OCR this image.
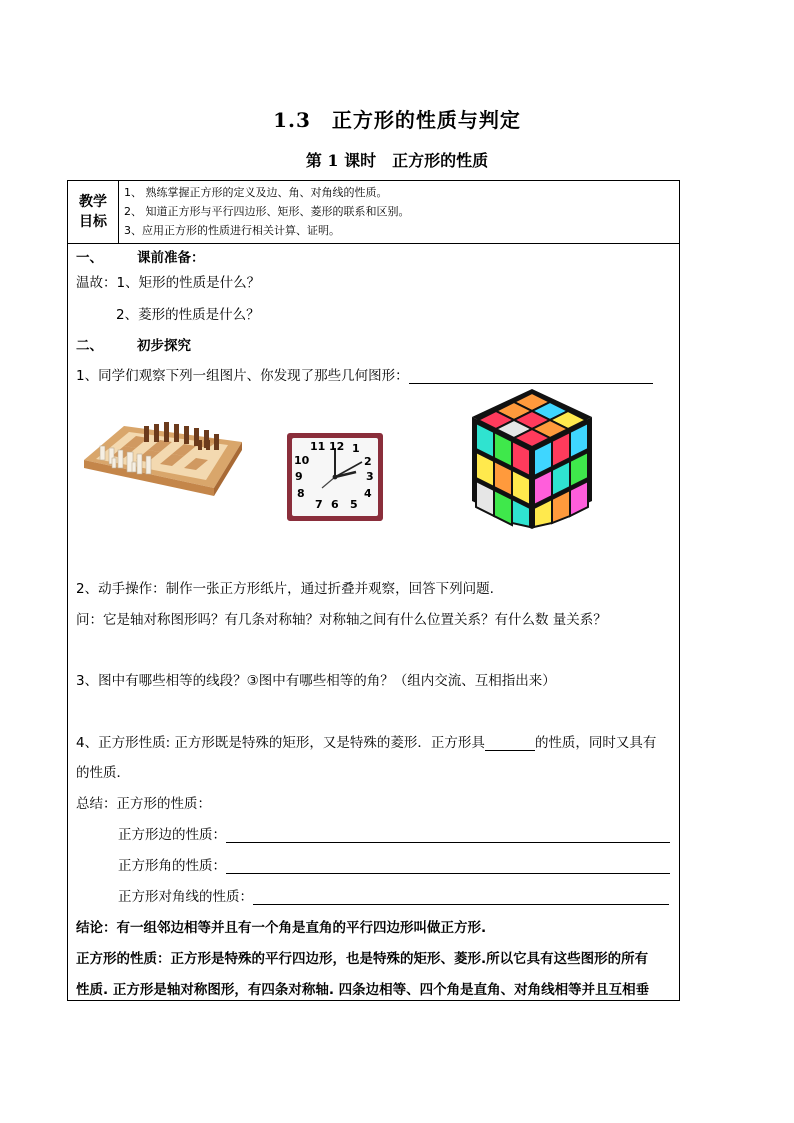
1.3　正方形的性质与判定
第 1 课时　正方形的性质
教学目标
1、 熟练掌握正方形的定义及边、角、对角线的性质。
2、 知道正方形与平行四边形、矩形、菱形的联系和区别。
3、应用正方形的性质进行相关计算、证明。
一、	课前准备：
温故：1、矩形的性质是什么？
2、菱形的性质是什么？
二、	初步探究
1、同学们观察下列一组图片、你发现了那些几何图形：
12 1
2
3
4
5
6
7
8
9
10
11
2、动手操作：制作一张正方形纸片，通过折叠并观察，回答下列问题.
问：它是轴对称图形吗？有几条对称轴？对称轴之间有什么位置关系？有什么数 量关系？
3、图中有哪些相等的线段？③图中有哪些相等的角？（组内交流、互相指出来）
4、正方形性质: 正方形既是特殊的矩形，又是特殊的菱形．正方形具	的性质，同时又具有
的性质．
总结：正方形的性质：
正方形边的性质：
正方形角的性质：
正方形对角线的性质：
结论：有一组邻边相等并且有一个角是直角的平行四边形叫做正方形.
正方形的性质：正方形是特殊的平行四边形，也是特殊的矩形、菱形.所以它具有这些图形的所有
性质. 正方形是轴对称图形，有四条对称轴. 四条边相等、四个角是直角、对角线相等并且互相垂
